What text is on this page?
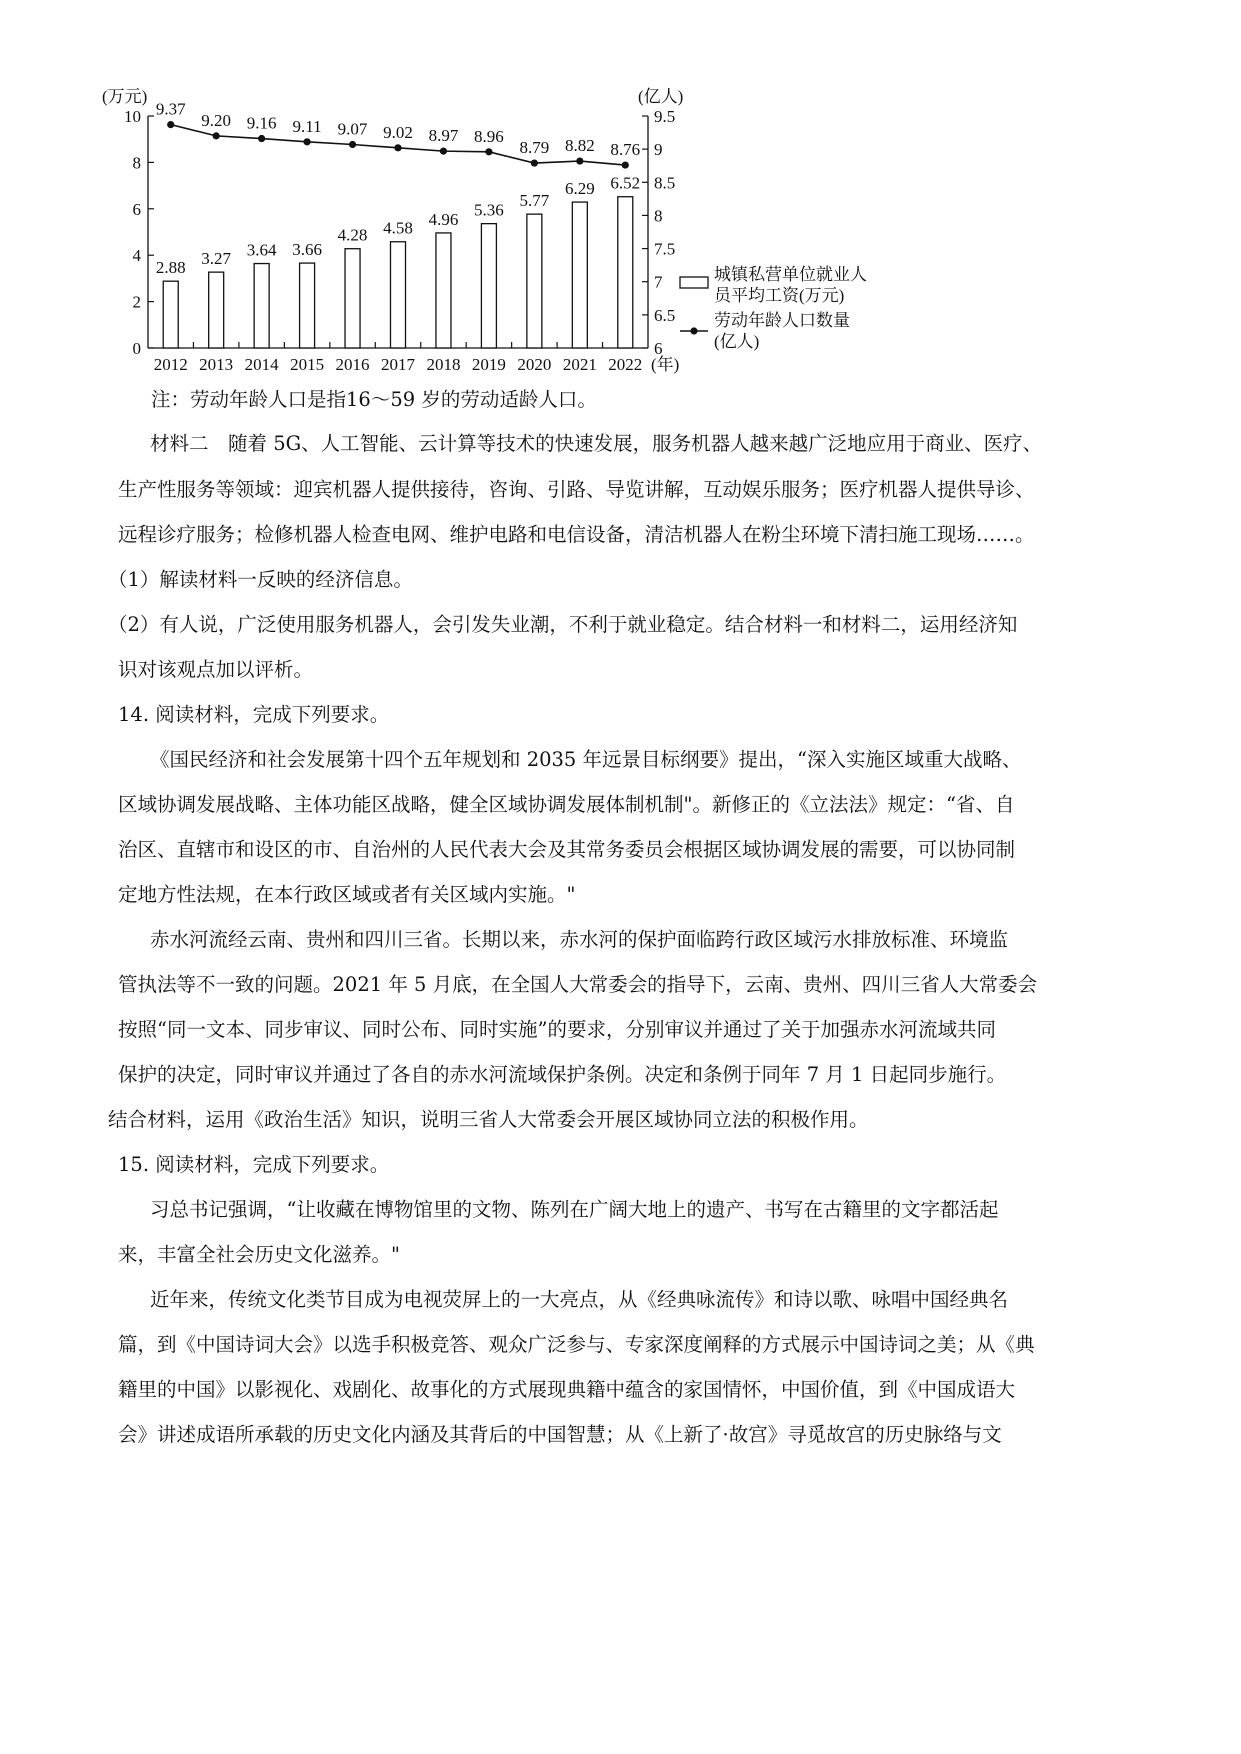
0
2
4
6
8
10
6
6.5
7
7.5
8
8.5
9
9.5
(万元)	(亿人)
2012 2013 2014 2015 2016 2017 2018 2019 2020 2021 2022 (年)
2.88 3.27 3.64 3.66
4.28 4.58 4.96 5.36
5.77
6.29 6.52
9.37
9.20 9.16 9.11 9.07 9.02 8.97 8.96
8.79 8.82 8.76
城镇私营单位就业人
员平均工资(万元)
劳动年龄人口数量
(亿人)

注：劳动年龄人口是指16～59 岁的劳动适龄人口。

材料二　随着 5G、人工智能、云计算等技术的快速发展，服务机器人越来越广泛地应用于商业、医疗、

生产性服务等领域：迎宾机器人提供接待，咨询、引路、导览讲解，互动娱乐服务；医疗机器人提供导诊、

远程诊疗服务；检修机器人检查电网、维护电路和电信设备，清洁机器人在粉尘环境下清扫施工现场……。

（1）解读材料一反映的经济信息。

（2）有人说，广泛使用服务机器人，会引发失业潮，不利于就业稳定。结合材料一和材料二，运用经济知

识对该观点加以评析。

14. 阅读材料，完成下列要求。

《国民经济和社会发展第十四个五年规划和 2035 年远景目标纲要》提出，“深入实施区域重大战略、

区域协调发展战略、主体功能区战略，健全区域协调发展体制机制"。新修正的《立法法》规定：“省、自

治区、直辖市和设区的市、自治州的人民代表大会及其常务委员会根据区域协调发展的需要，可以协同制

定地方性法规，在本行政区域或者有关区域内实施。"

赤水河流经云南、贵州和四川三省。长期以来，赤水河的保护面临跨行政区域污水排放标准、环境监

管执法等不一致的问题。2021 年 5 月底，在全国人大常委会的指导下，云南、贵州、四川三省人大常委会

按照“同一文本、同步审议、同时公布、同时实施”的要求，分别审议并通过了关于加强赤水河流域共同

保护的决定，同时审议并通过了各自的赤水河流域保护条例。决定和条例于同年 7 月 1 日起同步施行。

结合材料，运用《政治生活》知识，说明三省人大常委会开展区域协同立法的积极作用。

15. 阅读材料，完成下列要求。

习总书记强调，“让收藏在博物馆里的文物、陈列在广阔大地上的遗产、书写在古籍里的文字都活起

来，丰富全社会历史文化滋养。"

近年来，传统文化类节目成为电视荧屏上的一大亮点，从《经典咏流传》和诗以歌、咏唱中国经典名

篇，到《中国诗词大会》以选手积极竞答、观众广泛参与、专家深度阐释的方式展示中国诗词之美；从《典

籍里的中国》以影视化、戏剧化、故事化的方式展现典籍中蕴含的家国情怀，中国价值，到《中国成语大

会》讲述成语所承载的历史文化内涵及其背后的中国智慧；从《上新了·故宫》寻觅故宫的历史脉络与文
